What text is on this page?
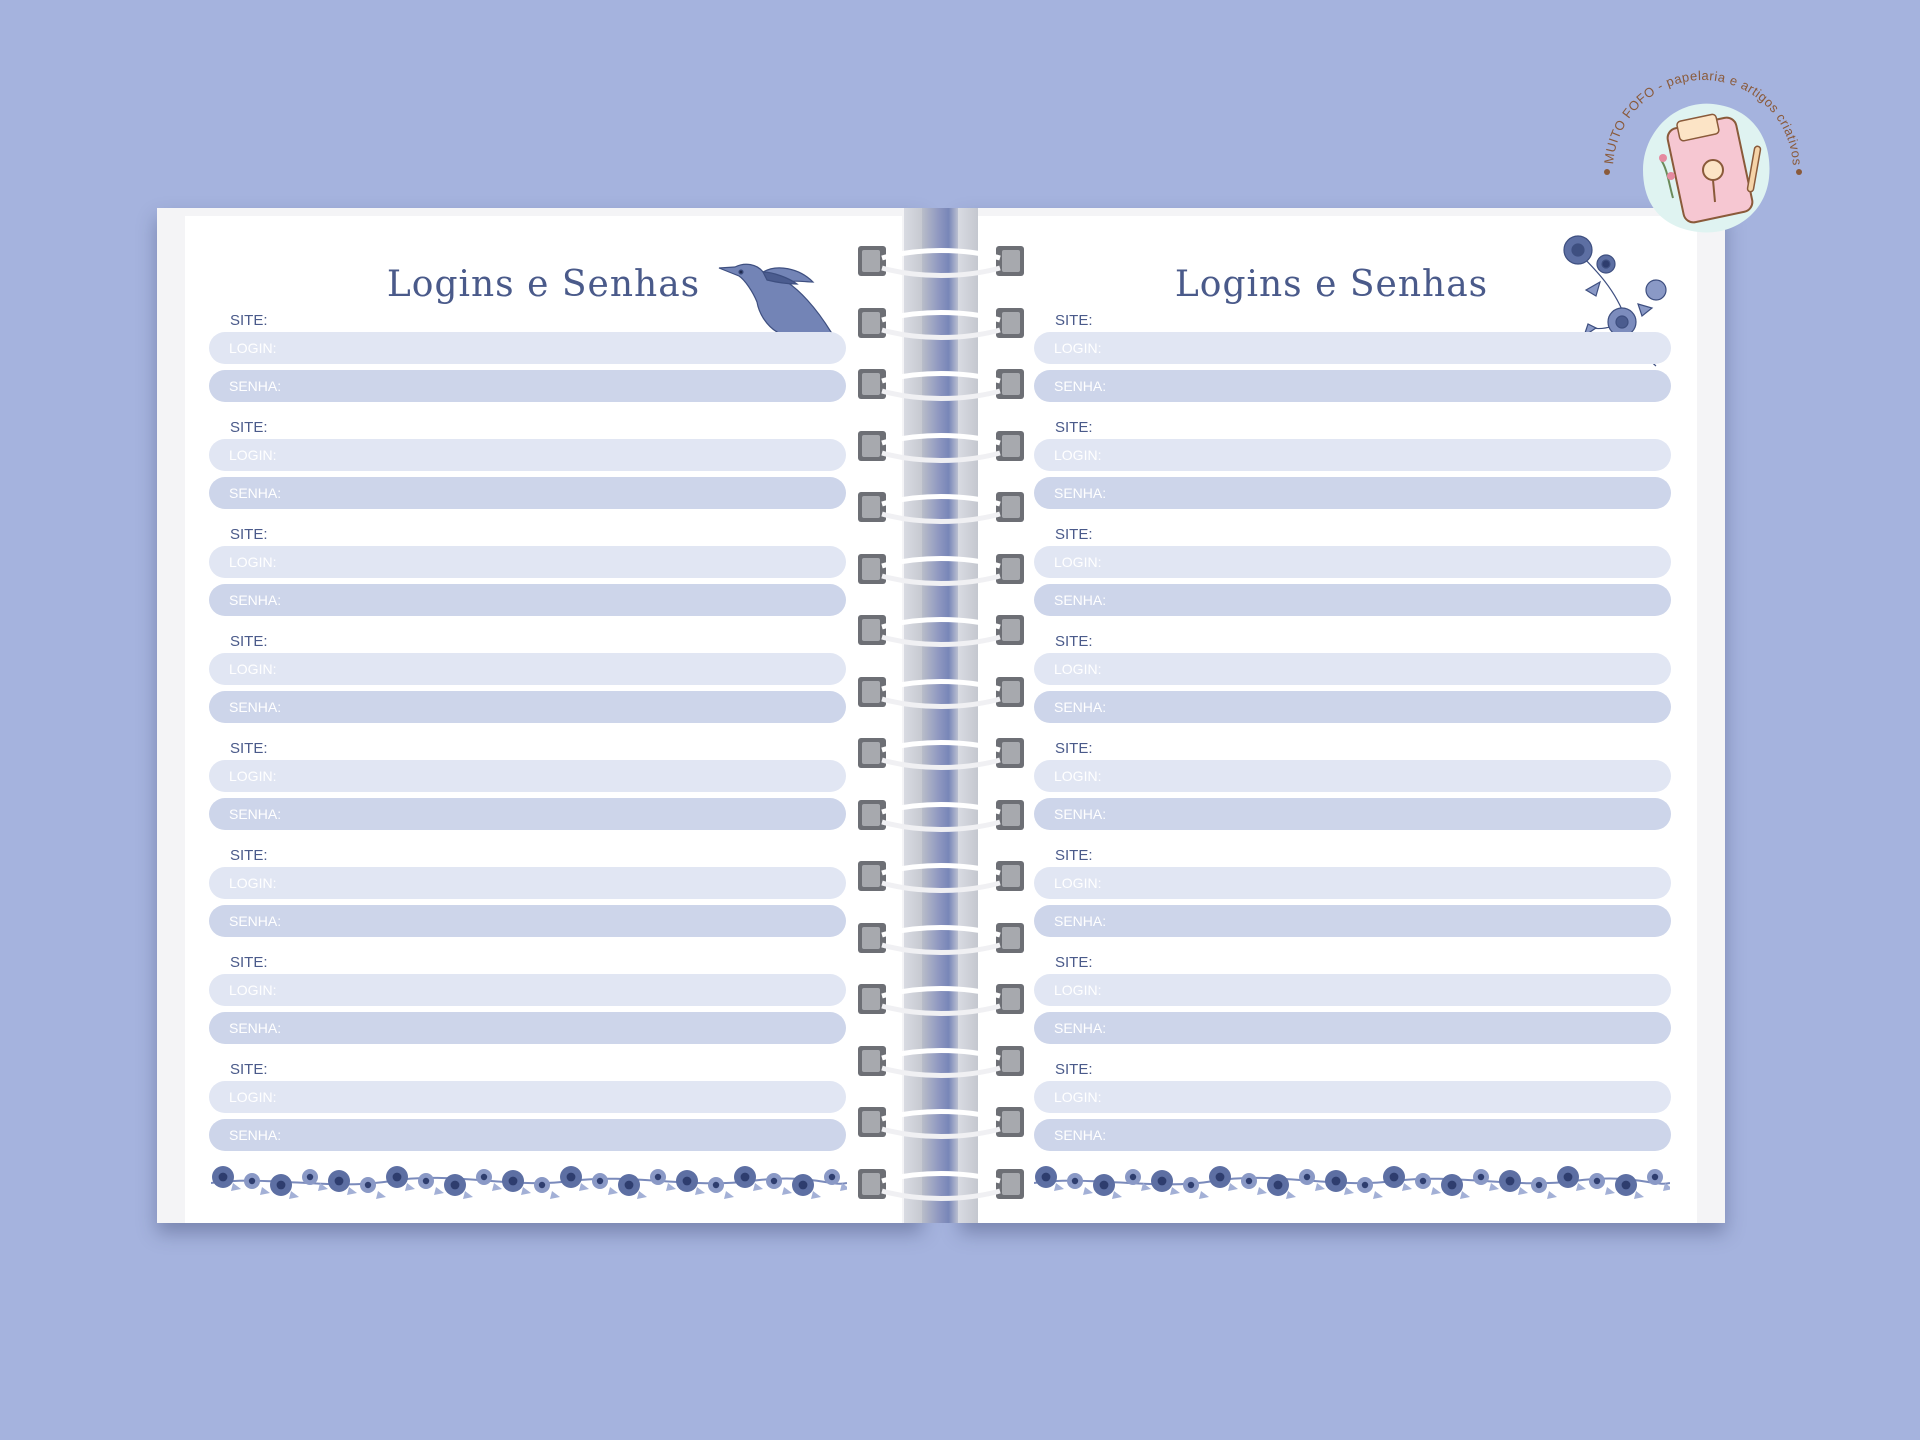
Logins e Senhas
SITE:
LOGIN:
SENHA:
SITE:
LOGIN:
SENHA:
SITE:
LOGIN:
SENHA:
SITE:
LOGIN:
SENHA:
SITE:
LOGIN:
SENHA:
SITE:
LOGIN:
SENHA:
SITE:
LOGIN:
SENHA:
SITE:
LOGIN:
SENHA:
Logins e Senhas
SITE:
LOGIN:
SENHA:
SITE:
LOGIN:
SENHA:
SITE:
LOGIN:
SENHA:
SITE:
LOGIN:
SENHA:
SITE:
LOGIN:
SENHA:
SITE:
LOGIN:
SENHA:
SITE:
LOGIN:
SENHA:
SITE:
LOGIN:
SENHA:
MUITO FOFO - papelaria e artigos criativos
